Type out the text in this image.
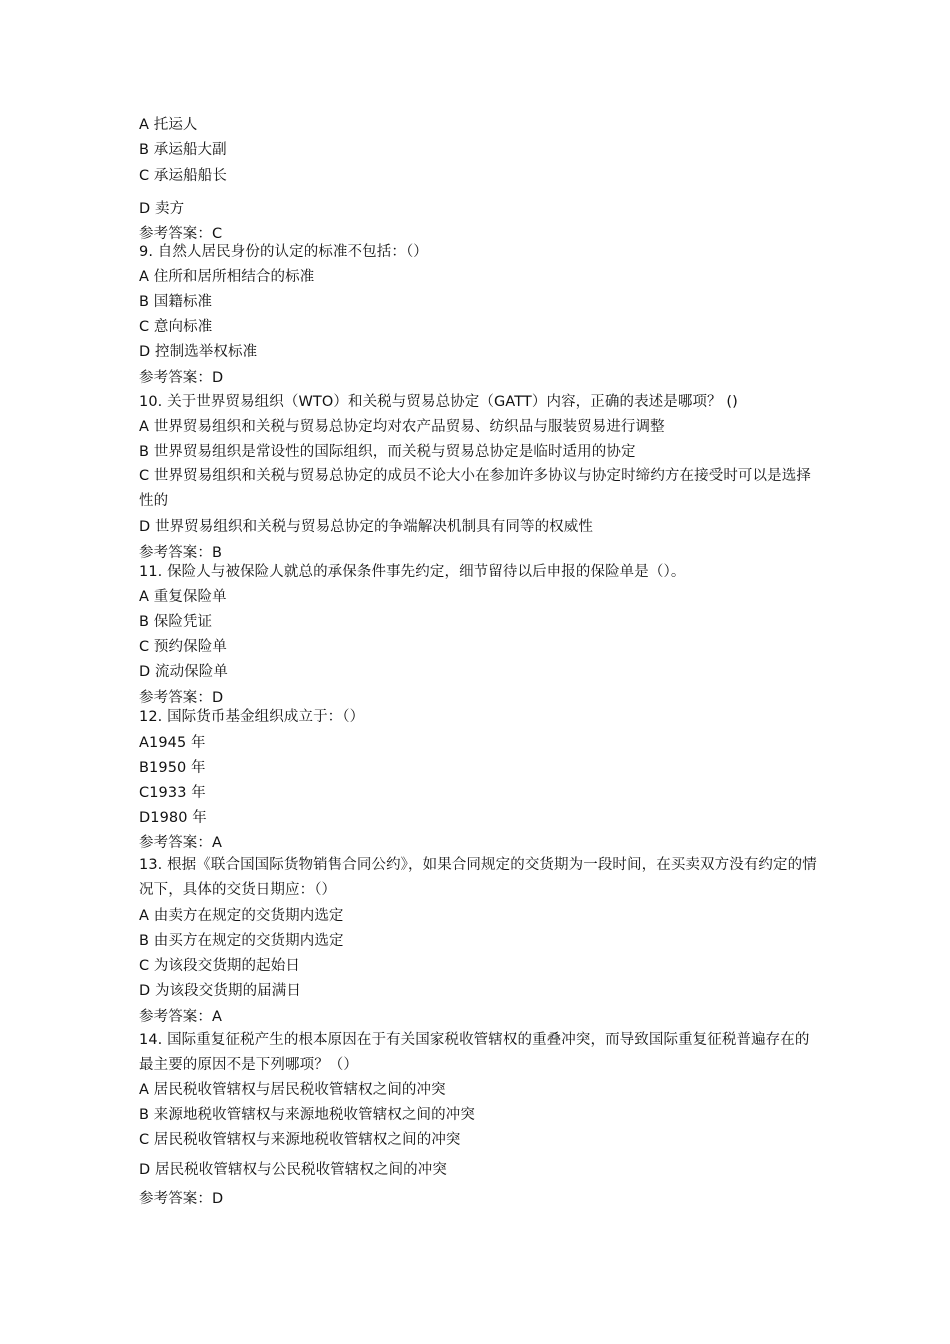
A 托运人
B 承运船大副
C 承运船船长
D 卖方
参考答案：C
9. 自然人居民身份的认定的标准不包括：（）
A 住所和居所相结合的标准
B 国籍标准
C 意向标准
D 控制选举权标准
参考答案：D
10. 关于世界贸易组织（WTO）和关税与贸易总协定（GATT）内容，正确的表述是哪项？ ()
A 世界贸易组织和关税与贸易总协定均对农产品贸易、纺织品与服装贸易进行调整
B 世界贸易组织是常设性的国际组织，而关税与贸易总协定是临时适用的协定
C 世界贸易组织和关税与贸易总协定的成员不论大小在参加许多协议与协定时缔约方在接受时可以是选择性的
D 世界贸易组织和关税与贸易总协定的争端解决机制具有同等的权威性
参考答案：B
11. 保险人与被保险人就总的承保条件事先约定，细节留待以后申报的保险单是（）。
A 重复保险单
B 保险凭证
C 预约保险单
D 流动保险单
参考答案：D
12. 国际货币基金组织成立于：（）
A1945 年
B1950 年
C1933 年
D1980 年
参考答案：A
13. 根据《联合国国际货物销售合同公约》，如果合同规定的交货期为一段时间，在买卖双方没有约定的情况下，具体的交货日期应：（）
A 由卖方在规定的交货期内选定
B 由买方在规定的交货期内选定
C 为该段交货期的起始日
D 为该段交货期的届满日
参考答案：A
14. 国际重复征税产生的根本原因在于有关国家税收管辖权的重叠冲突，而导致国际重复征税普遍存在的最主要的原因不是下列哪项？（）
A 居民税收管辖权与居民税收管辖权之间的冲突
B 来源地税收管辖权与来源地税收管辖权之间的冲突
C 居民税收管辖权与来源地税收管辖权之间的冲突
D 居民税收管辖权与公民税收管辖权之间的冲突
参考答案：D
